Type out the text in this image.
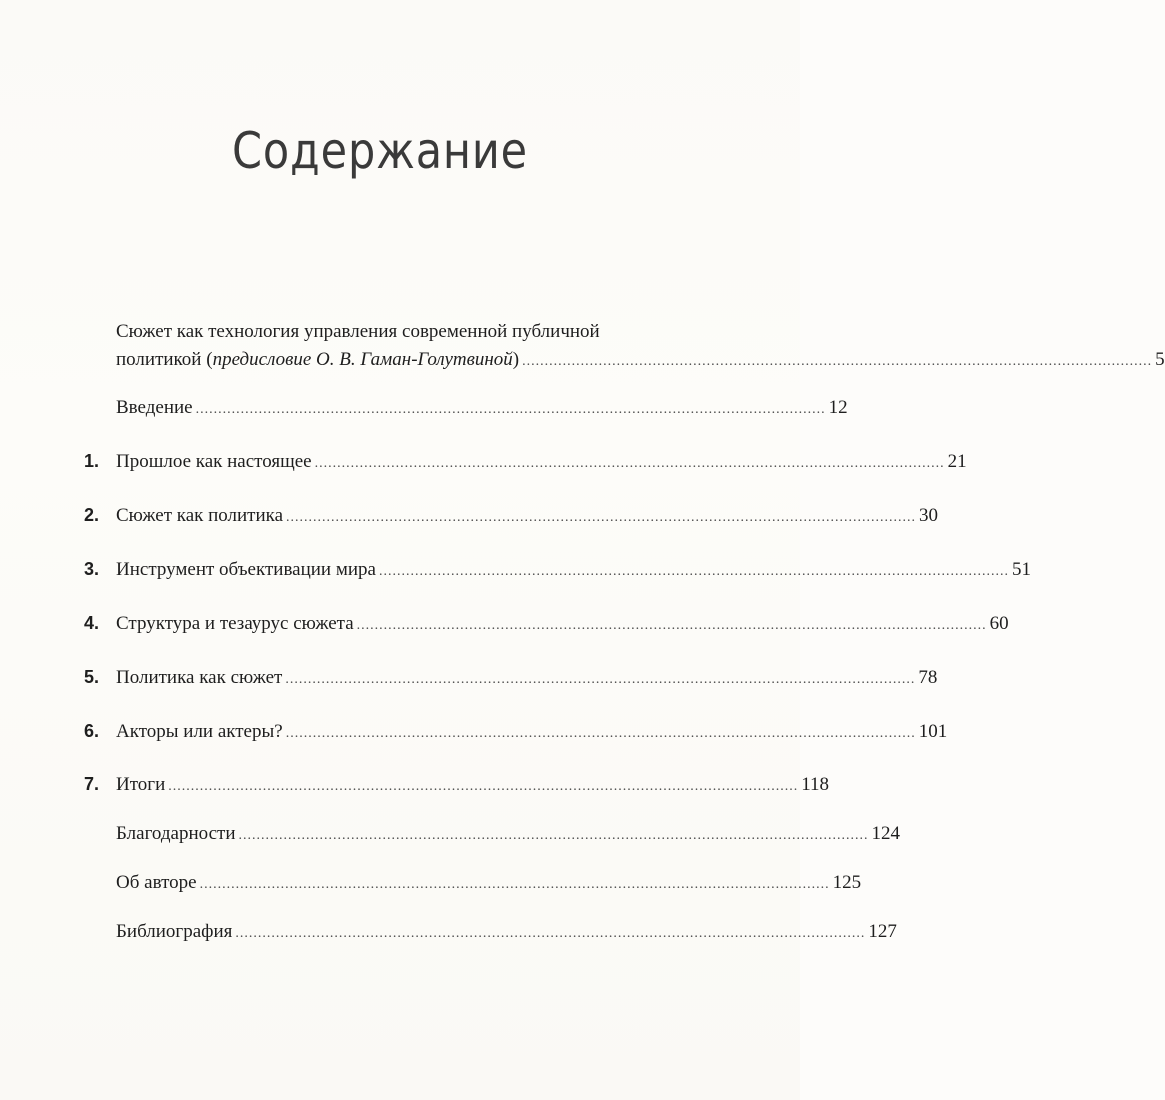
Содержание
Сюжет как технология управления современной публичной
политикой (предисловие О. В. Гаман-Голутвиной) ............................................................................................................................................ 5
Введение ............................................................................................................................................ 12
1. Прошлое как настоящее ............................................................................................................................................ 21
2. Сюжет как политика ............................................................................................................................................ 30
3. Инструмент объективации мира ............................................................................................................................................ 51
4. Структура и тезаурус сюжета ............................................................................................................................................ 60
5. Политика как сюжет ............................................................................................................................................ 78
6. Акторы или актеры? ............................................................................................................................................ 101
7. Итоги ............................................................................................................................................ 118
Благодарности ............................................................................................................................................ 124
Об авторе ............................................................................................................................................ 125
Библиография ............................................................................................................................................ 127
